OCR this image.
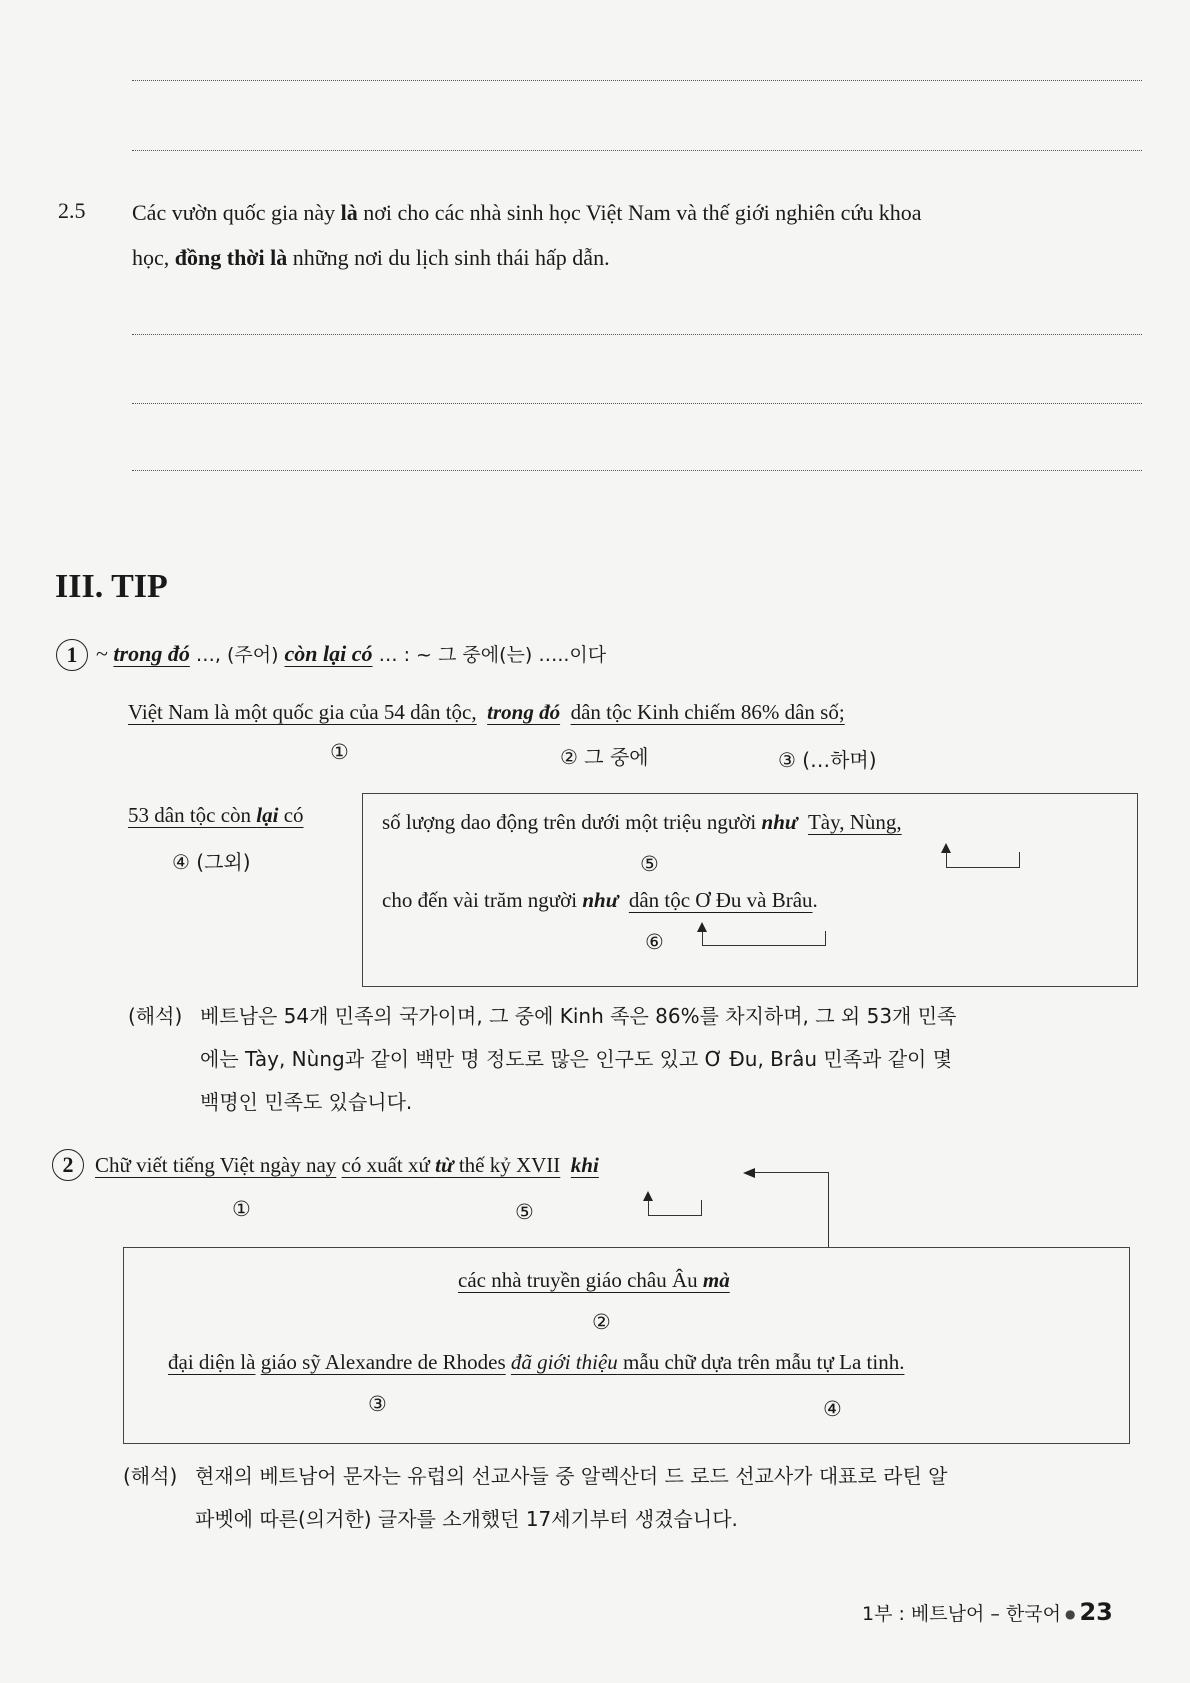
2.5 Các vườn quốc gia này là nơi cho các nhà sinh học Việt Nam và thế giới nghiên cứu khoa
học, đồng thời là những nơi du lịch sinh thái hấp dẫn.
III. TIP
1 ~ trong đó …, (주어) còn lại có … : ~ 그 중에(는) …..이다
Việt Nam là một quốc gia của 54 dân tộc, trong đó dân tộc Kinh chiếm 86% dân số;
①	② 그 중에	③ (…하며)
53 dân tộc còn lại có
④ (그외)
số lượng dao động trên dưới một triệu người như Tày, Nùng,
⑤
cho đến vài trăm người như dân tộc Ơ Đu và Brâu.
⑥
(해석) 베트남은 54개 민족의 국가이며, 그 중에 Kinh 족은 86%를 차지하며, 그 외 53개 민족
에는 Tày, Nùng과 같이 백만 명 정도로 많은 인구도 있고 Ơ Đu, Brâu 민족과 같이 몇
백명인 민족도 있습니다.
2	Chữ viết tiếng Việt ngày nay có xuất xứ từ thế kỷ XVII khi
①	⑤
các nhà truyền giáo châu Âu mà
②
đại diện là giáo sỹ Alexandre de Rhodes đã giới thiệu mẫu chữ dựa trên mẫu tự La tinh.
③	④
(해석) 현재의 베트남어 문자는 유럽의 선교사들 중 알렉산더 드 로드 선교사가 대표로 라틴 알
파벳에 따른(의거한) 글자를 소개했던 17세기부터 생겼습니다.
1부 : 베트남어 – 한국어 ● 23
